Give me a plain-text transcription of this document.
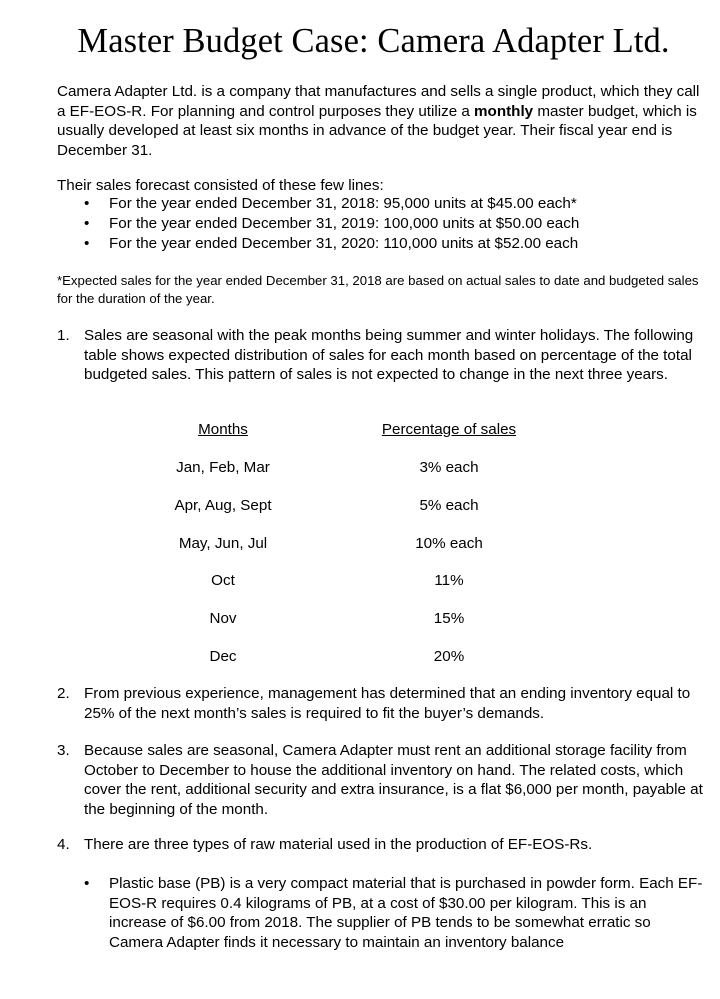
Master Budget Case: Camera Adapter Ltd.
Camera Adapter Ltd. is a company that manufactures and sells a single product, which they call a EF-EOS-R. For planning and control purposes they utilize a monthly master budget, which is usually developed at least six months in advance of the budget year. Their fiscal year end is December 31.
Their sales forecast consisted of these few lines:
• For the year ended December 31, 2018: 95,000 units at $45.00 each*
• For the year ended December 31, 2019: 100,000 units at $50.00 each
• For the year ended December 31, 2020: 110,000 units at $52.00 each
*Expected sales for the year ended December 31, 2018 are based on actual sales to date and budgeted sales for the duration of the year.
1. Sales are seasonal with the peak months being summer and winter holidays. The following table shows expected distribution of sales for each month based on percentage of the total budgeted sales. This pattern of sales is not expected to change in the next three years.
Months	Percentage of sales
Jan, Feb, Mar	3% each
Apr, Aug, Sept	5% each
May, Jun, Jul	10% each
Oct	11%
Nov	15%
Dec	20%
2. From previous experience, management has determined that an ending inventory equal to 25% of the next month’s sales is required to fit the buyer’s demands.
3. Because sales are seasonal, Camera Adapter must rent an additional storage facility from October to December to house the additional inventory on hand. The related costs, which cover the rent, additional security and extra insurance, is a flat $6,000 per month, payable at the beginning of the month.
4. There are three types of raw material used in the production of EF-EOS-Rs.
• Plastic base (PB) is a very compact material that is purchased in powder form. Each EF-EOS-R requires 0.4 kilograms of PB, at a cost of $30.00 per kilogram. This is an increase of $6.00 from 2018. The supplier of PB tends to be somewhat erratic so Camera Adapter finds it necessary to maintain an inventory balance
